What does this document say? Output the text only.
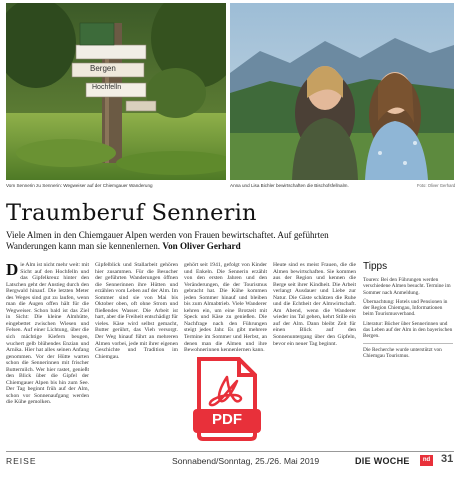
Bergen
Hochfelln
Vom Sennerin zu Sennerin: Wegweiser auf der Chiemgauer Wanderung	Anna und Lisa Bichler bewirtschaften die Bischofsfellnalm.	Foto: Oliver Gerhard
Traumberuf Sennerin
Viele Almen in den Chiemgauer Alpen werden von Frauen bewirtschaftet. Auf geführten Wanderungen kann man sie kennenlernen. Von Oliver Gerhard
D ie Alm ist nicht mehr weit: mit Sicht auf den Hochfelln und das Gipfelkreuz hinter den Latschen geht der Anstieg durch den Bergwald hinauf. Die letzten Meter des Weges sind gut zu laufen, wenn man die Augen offen hält für die Wegweiser. Schon bald ist das Ziel in Sicht: Die kleine Almhütte, eingebettet zwischen Wiesen und Felsen. Auf einer Lichtung, über die sich mächtige Kiefern beugen, wuchert gelb blühendes Enzian und Arnika. Hier hat alles seinen Anfang genommen. Vor der Hütte warten schon die Sennerinnen mit frischer Buttermilch. Wer hier rastet, genießt den Blick über die Gipfel der Chiemgauer Alpen bis hin zum See. Der Tag beginnt früh auf der Alm, schon vor Sonnenaufgang werden die Kühe gemolken.
Gipfelblick und Stallarbeit gehören hier zusammen. Für die Besucher der geführten Wanderungen öffnen die Sennerinnen ihre Hütten und erzählen vom Leben auf der Alm. Im Sommer sind sie von Mai bis Oktober oben, oft ohne Strom und fließendes Wasser. Die Arbeit ist hart, aber die Freiheit entschädigt für vieles. Käse wird selbst gemacht, Butter gerührt, das Vieh versorgt. Der Weg hinauf führt an mehreren Almen vorbei, jede mit ihrer eigenen Geschichte und Tradition im Chiemgau.
gehört seit 1941, gefolgt von Kinder und Enkeln. Die Sennerin erzählt von den ersten Jahren und den Veränderungen, die der Tourismus gebracht hat. Die Kühe kommen jeden Sommer hinauf und bleiben bis zum Almabtrieb. Viele Wanderer kehren ein, um eine Brotzeit mit Speck und Käse zu genießen. Die Nachfrage nach den Führungen steigt jedes Jahr. Es gibt mehrere Termine im Sommer und Herbst, an denen man die Almen und ihre Bewohnerinnen kennenlernen kann.
Heute sind es meist Frauen, die die Almen bewirtschaften. Sie kommen aus der Region und kennen die Berge seit ihrer Kindheit. Die Arbeit verlangt Ausdauer und Liebe zur Natur. Die Gäste schätzen die Ruhe und die Echtheit der Almwirtschaft. Am Abend, wenn die Wanderer wieder ins Tal gehen, kehrt Stille ein auf der Alm. Dann bleibt Zeit für einen Blick auf den Sonnenuntergang über den Gipfeln, bevor ein neuer Tag beginnt.
Tipps

Touren: Bei den Führungen werden verschiedene Almen besucht. Termine im Sommer nach Anmeldung.

Übernachtung: Hotels und Pensionen in der Region Chiemgau, Informationen beim Tourismusverband.

Literatur: Bücher über Sennerinnen und das Leben auf der Alm in den bayerischen Bergen.

Die Recherche wurde unterstützt von Chiemgau Tourismus.

PDF
REISE	Sonnabend/Sonntag, 25./26. Mai 2019	DIE WOCHE	nd 31
